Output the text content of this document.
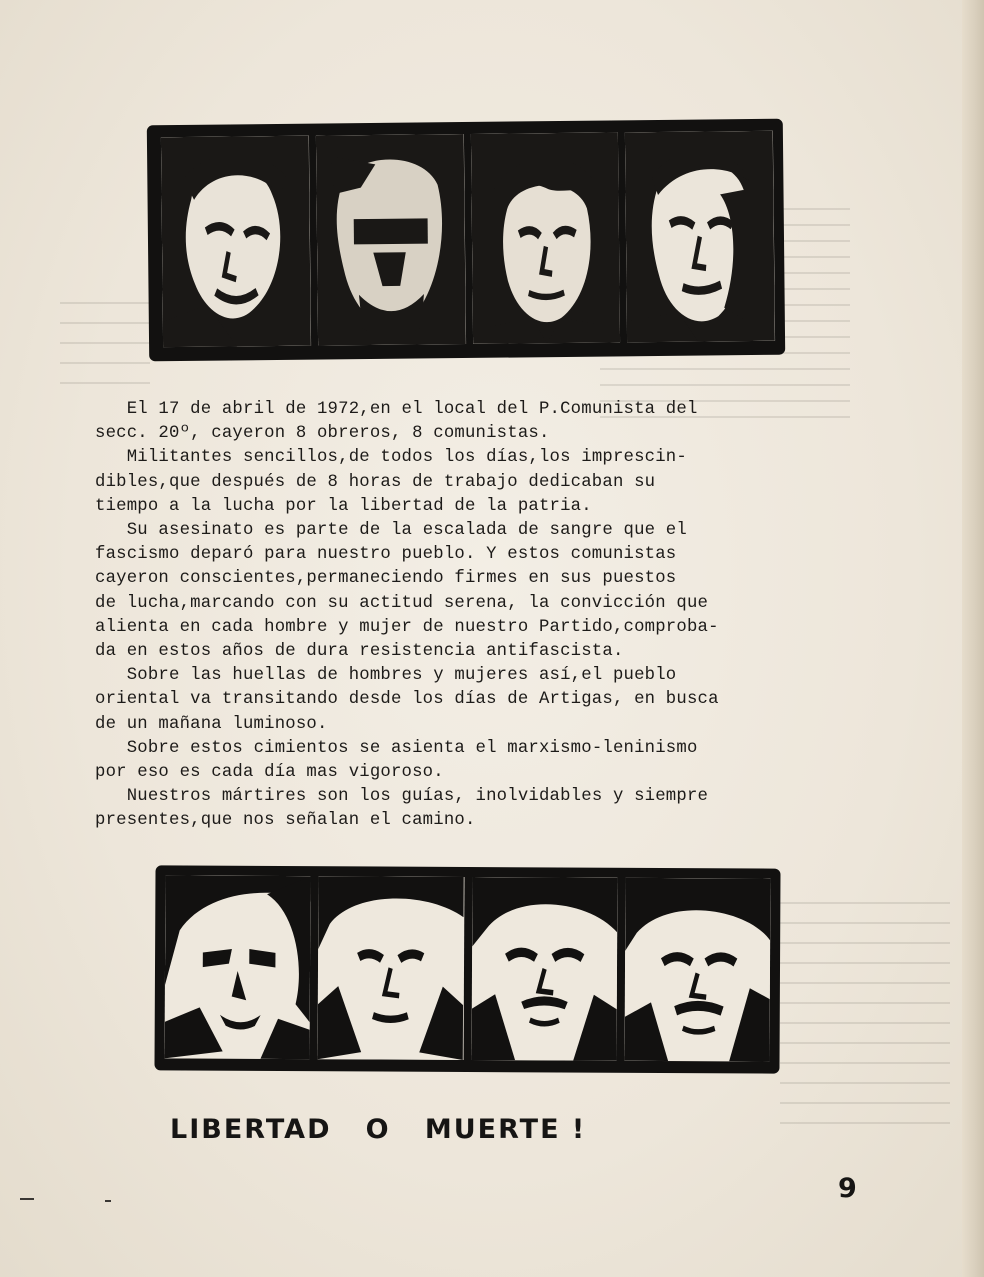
El 17 de abril de 1972,en el local del P.Comunista del

secc. 20º, cayeron 8 obreros, 8 comunistas.

Militantes sencillos,de todos los días,los imprescin-

dibles,que después de 8 horas de trabajo dedicaban su

tiempo a la lucha por la libertad de la patria.

Su asesinato es parte de la escalada de sangre que el

fascismo deparó para nuestro pueblo. Y estos comunistas

cayeron conscientes,permaneciendo firmes en sus puestos

de lucha,marcando con su actitud serena, la convicción que

alienta en cada hombre y mujer de nuestro Partido,comproba-

da en estos años de dura resistencia antifascista.

Sobre las huellas de hombres y mujeres así,el pueblo

oriental va transitando desde los días de Artigas, en busca

de un mañana luminoso.

Sobre estos cimientos se asienta el marxismo-leninismo

por eso es cada día mas vigoroso.

Nuestros mártires son los guías, inolvidables y siempre

presentes,que nos señalan el camino.

LIBERTAD   O   MUERTE !
9
